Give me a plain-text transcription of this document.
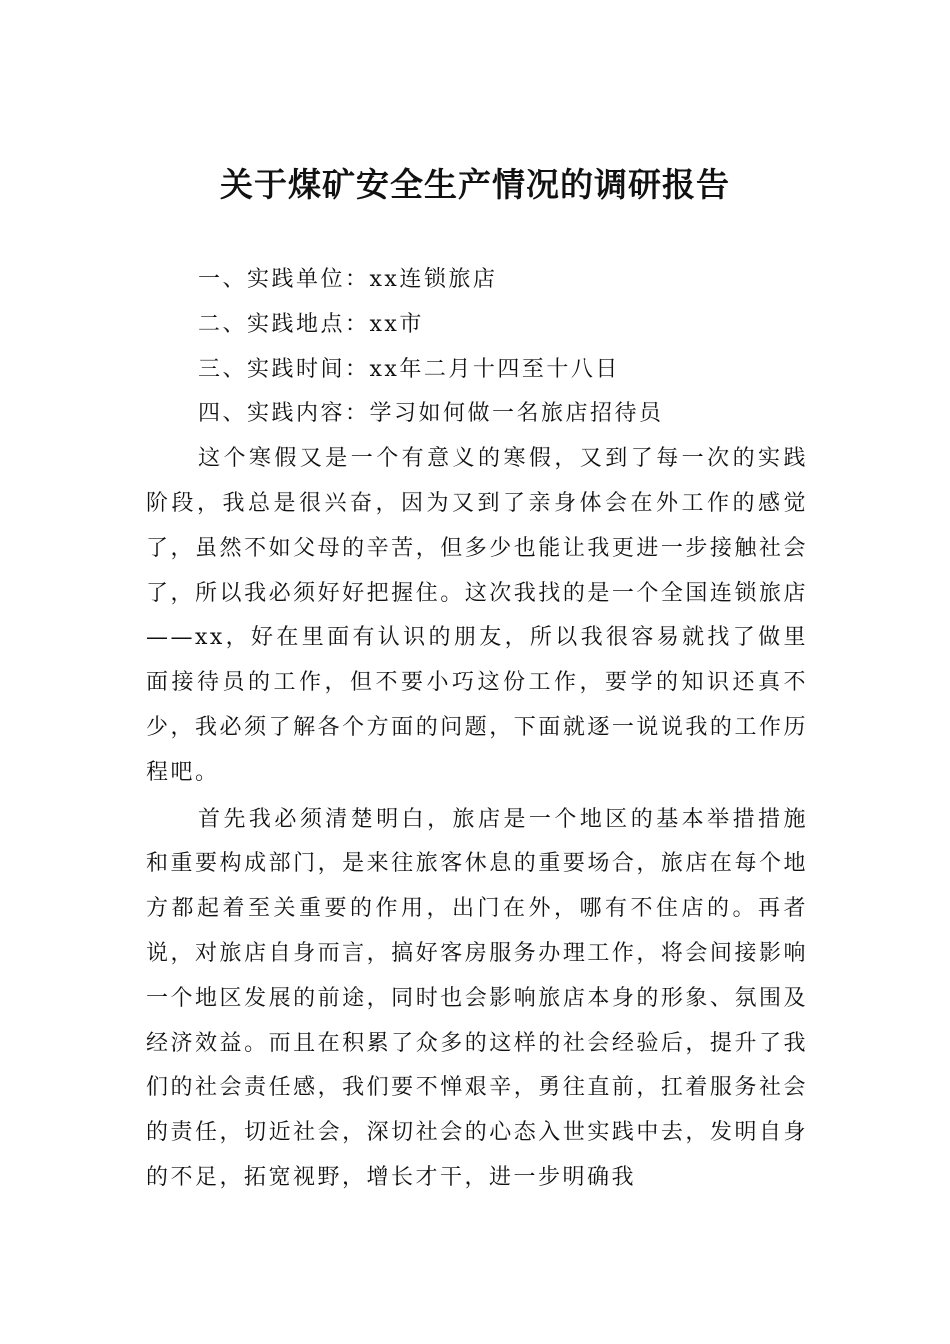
关于煤矿安全生产情况的调研报告

一、实践单位：xx连锁旅店

二、实践地点：xx市

三、实践时间：xx年二月十四至十八日

四、实践内容：学习如何做一名旅店招待员

这个寒假又是一个有意义的寒假，又到了每一次的实践阶段，我总是很兴奋，因为又到了亲身体会在外工作的感觉了，虽然不如父母的辛苦，但多少也能让我更进一步接触社会了，所以我必须好好把握住。这次我找的是一个全国连锁旅店——xx，好在里面有认识的朋友，所以我很容易就找了做里面接待员的工作，但不要小巧这份工作，要学的知识还真不少，我必须了解各个方面的问题，下面就逐一说说我的工作历程吧。

首先我必须清楚明白，旅店是一个地区的基本举措措施和重要构成部门，是来往旅客休息的重要场合，旅店在每个地方都起着至关重要的作用，出门在外，哪有不住店的。再者说，对旅店自身而言，搞好客房服务办理工作，将会间接影响一个地区发展的前途，同时也会影响旅店本身的形象、氛围及经济效益。而且在积累了众多的这样的社会经验后，提升了我们的社会责任感，我们要不惮艰辛，勇往直前，扛着服务社会的责任，切近社会，深切社会的心态入世实践中去，发明自身的不足，拓宽视野，增长才干，进一步明确我
